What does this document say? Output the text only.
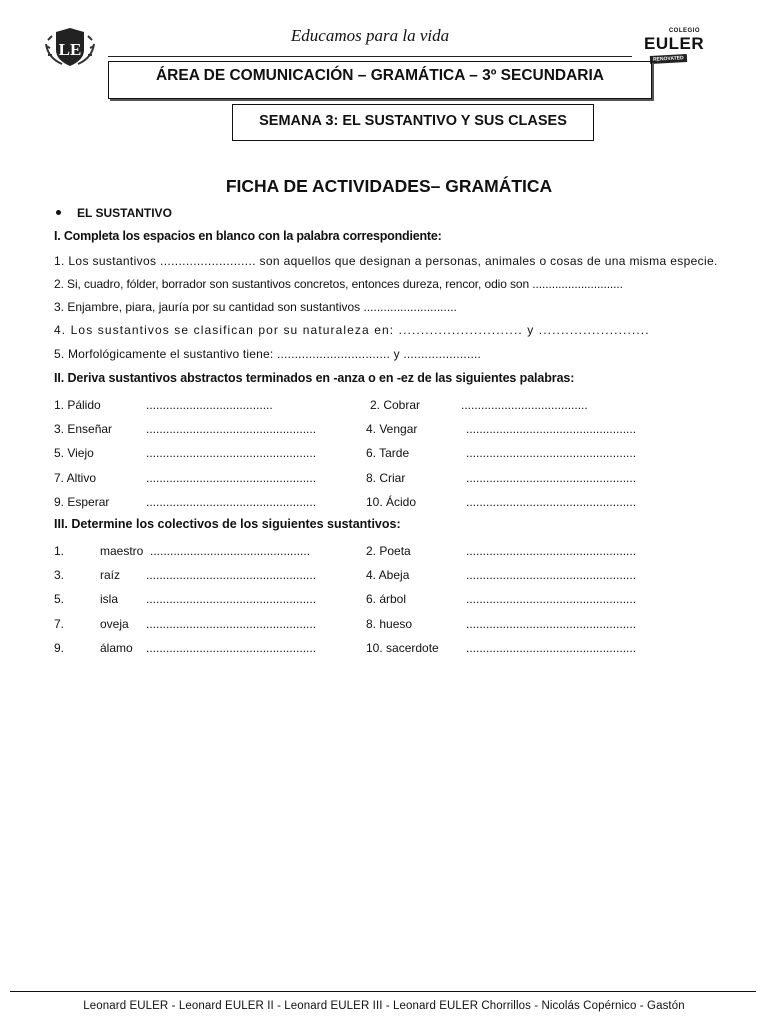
LE
Educamos para la vida	COLEGIO
EULER
RENOVATED
ÁREA DE COMUNICACIÓN – GRAMÁTICA – 3º SECUNDARIA
SEMANA 3: EL SUSTANTIVO Y SUS CLASES
FICHA DE ACTIVIDADES– GRAMÁTICA
EL SUSTANTIVO
I. Completa los espacios en blanco con la palabra correspondiente:
1. Los sustantivos .......................... son aquellos que designan a personas, animales o cosas de una misma especie.
2. Si, cuadro, fólder, borrador son sustantivos concretos, entonces dureza, rencor, odio son ............................
3. Enjambre, piara, jauría por su cantidad son sustantivos ............................
4. Los sustantivos se clasifican por su naturaleza en: ............................ y .........................
5. Morfológicamente el sustantivo tiene: ................................ y ......................
II. Deriva sustantivos abstractos terminados en -anza o en -ez de las siguientes palabras:
1. Pálido	......................................	2. Cobrar	......................................
3. Enseñar	...................................................	4. Vengar	...................................................
5. Viejo	...................................................	6. Tarde	...................................................
7. Altivo	...................................................	8. Criar	...................................................
9. Esperar	...................................................	10. Ácido	...................................................
III. Determine los colectivos de los siguientes sustantivos:
1.	maestro ................................................	2. Poeta	...................................................
3.	raíz ...................................................	4. Abeja	...................................................
5.	isla ...................................................	6. árbol	...................................................
7.	oveja ...................................................	8. hueso	...................................................
9.	álamo ...................................................	10. sacerdote ...................................................
Leonard EULER - Leonard EULER II - Leonard EULER III - Leonard EULER Chorrillos - Nicolás Copérnico - Gastón
